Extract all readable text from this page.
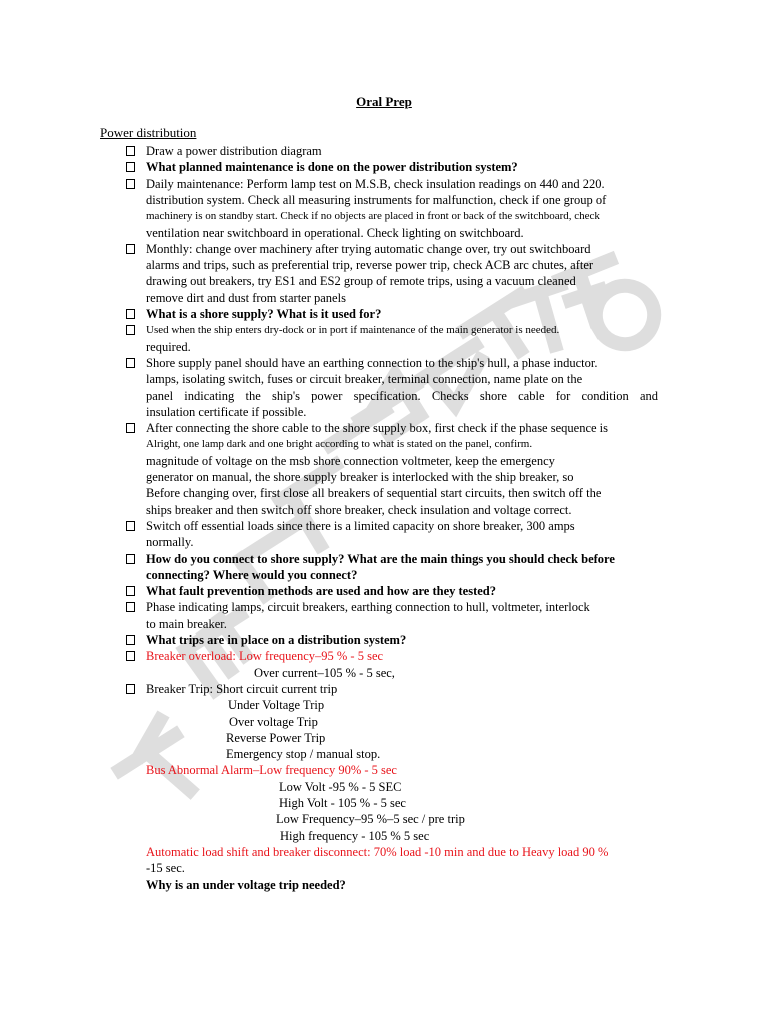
Oral Prep
Power distribution
Draw a power distribution diagram
What planned maintenance is done on the power distribution system?
Daily maintenance: Perform lamp test on M.S.B, check insulation readings on 440 and 220.
distribution system. Check all measuring instruments for malfunction, check if one group of
machinery is on standby start. Check if no objects are placed in front or back of the switchboard, check
ventilation near switchboard in operational. Check lighting on switchboard.
Monthly: change over machinery after trying automatic change over, try out switchboard
alarms and trips, such as preferential trip, reverse power trip, check ACB arc chutes, after
drawing out breakers, try ES1 and ES2 group of remote trips, using a vacuum cleaned
remove dirt and dust from starter panels
What is a shore supply? What is it used for?
Used when the ship enters dry-dock or in port if maintenance of the main generator is needed.
required.
Shore supply panel should have an earthing connection to the ship's hull, a phase inductor.
lamps, isolating switch, fuses or circuit breaker, terminal connection, name plate on the
panel indicating the ship's power specification. Checks shore cable for condition and
insulation certificate if possible.
After connecting the shore cable to the shore supply box, first check if the phase sequence is
Alright, one lamp dark and one bright according to what is stated on the panel, confirm.
magnitude of voltage on the msb shore connection voltmeter, keep the emergency
generator on manual, the shore supply breaker is interlocked with the ship breaker, so
Before changing over, first close all breakers of sequential start circuits, then switch off the
ships breaker and then switch off shore breaker, check insulation and voltage correct.
Switch off essential loads since there is a limited capacity on shore breaker, 300 amps
normally.
How do you connect to shore supply? What are the main things you should check before
connecting? Where would you connect?
What fault prevention methods are used and how are they tested?
Phase indicating lamps, circuit breakers, earthing connection to hull, voltmeter, interlock
to main breaker.
What trips are in place on a distribution system?
Breaker overload: Low frequency–95 % - 5 sec
Over current–105 % - 5 sec,
Breaker Trip: Short circuit current trip
Under Voltage Trip
Over voltage Trip
Reverse Power Trip
Emergency stop / manual stop.
Bus Abnormal Alarm–Low frequency 90% - 5 sec
Low Volt -95 % - 5 SEC
High Volt - 105 % - 5 sec
Low Frequency–95 %–5 sec / pre trip
High frequency - 105 % 5 sec
Automatic load shift and breaker disconnect: 70% load -10 min and due to Heavy load 90 %
-15 sec.
Why is an under voltage trip needed?
